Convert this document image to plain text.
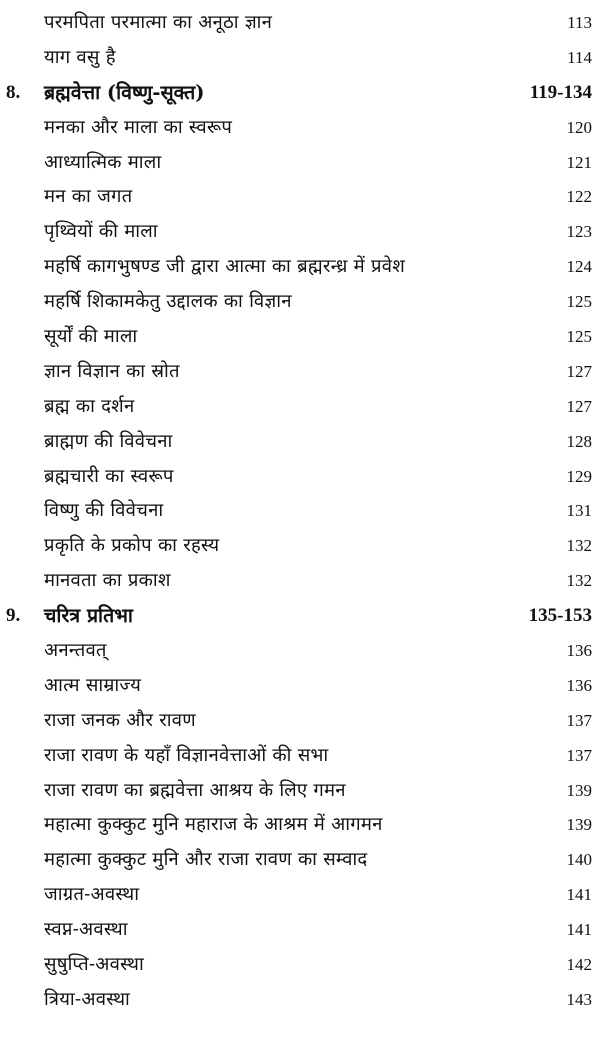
परमपिता परमात्मा का अनूठा ज्ञान	113
याग वसु है	114
8. ब्रह्मवेत्ता (विष्णु-सूक्त)	119-134
मनका और माला का स्वरूप	120
आध्यात्मिक माला	121
मन का जगत	122
पृथ्वियों की माला	123
महर्षि कागभुषण्ड जी द्वारा आत्मा का ब्रह्मरन्ध्र में प्रवेश	124
महर्षि शिकामकेतु उद्दालक का विज्ञान	125
सूर्यों की माला	125
ज्ञान विज्ञान का स्रोत	127
ब्रह्म का दर्शन	127
ब्राह्मण की विवेचना	128
ब्रह्मचारी का स्वरूप	129
विष्णु की विवेचना	131
प्रकृति के प्रकोप का रहस्य	132
मानवता का प्रकाश	132
9. चरित्र प्रतिभा	135-153
अनन्तवत्	136
आत्म साम्राज्य	136
राजा जनक और रावण	137
राजा रावण के यहाँ विज्ञानवेत्ताओं की सभा	137
राजा रावण का ब्रह्मवेत्ता आश्रय के लिए गमन	139
महात्मा कुक्कुट मुनि महाराज के आश्रम में आगमन	139
महात्मा कुक्कुट मुनि और राजा रावण का सम्वाद	140
जाग्रत-अवस्था	141
स्वप्न-अवस्था	141
सुषुप्ति-अवस्था	142
त्रिया-अवस्था	143
